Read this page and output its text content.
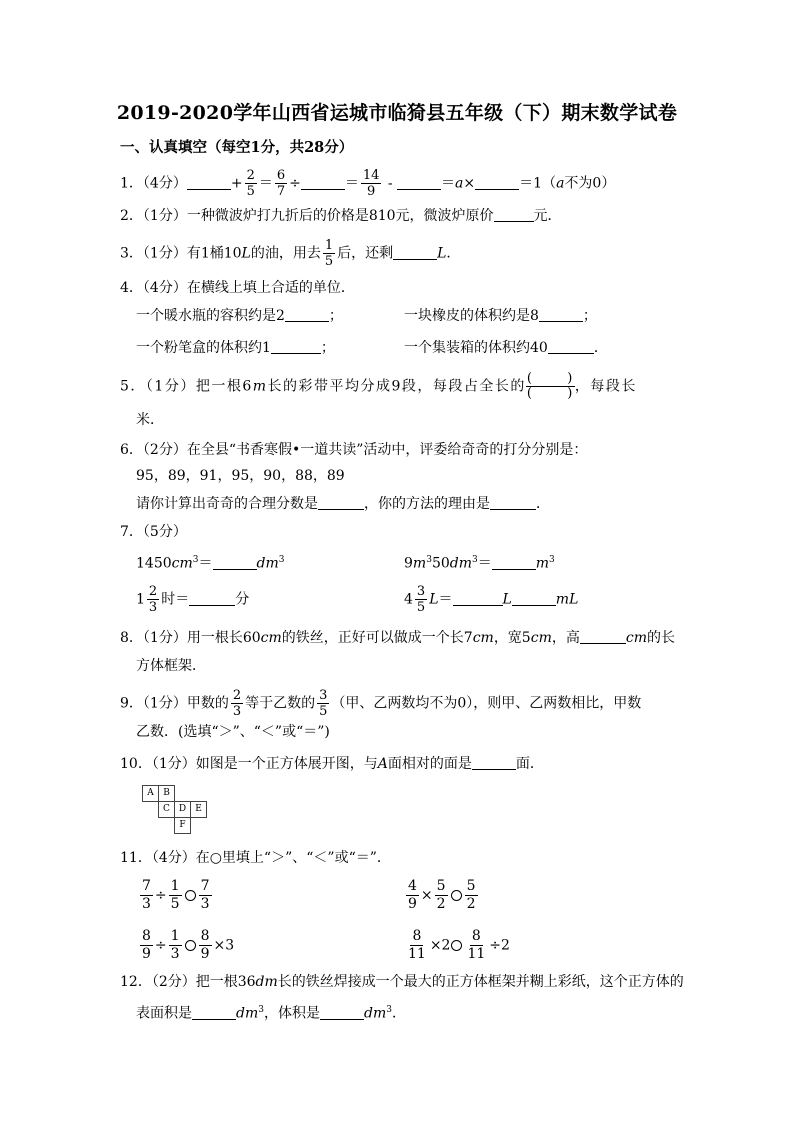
2019-2020学年山西省运城市临猗县五年级（下）期末数学试卷
一、认真填空（每空1分，共28分）
1．（4分）	+ $\frac{2}{5} = \frac{6}{7}$ ÷	＝ $\frac{14}{9}$ -	＝a×	＝1（a不为0）
2．（1分）一种微波炉打九折后的价格是810元，微波炉原价	元．
3．（1分）有1桶10L的油，用去 $\frac{1}{5}$ 后，还剩	L．
4．（4分）在横线上填上合适的单位．
一个暖水瓶的容积约是2	；	一块橡皮的体积约是8	；
一个粉笔盒的体积约1	；	一个集装箱的体积约40	．
5．（1分）把一根6m长的彩带平均分成9段，每段占全长的 $\frac{( )}{( )}$ ，每段长
米．
6．（2分）在全县“书香寒假•一道共读”活动中，评委给奇奇的打分分别是：
95，89，91，95，90，88，89
请你计算出奇奇的合理分数是	，你的方法的理由是	．
7．（5分）
$1450cm^3=$	$dm^3$	$9m^350dm^3=$	$m^3$
$1 \frac{2}{3}$ 时＝	分	$4 \frac{3}{5} L=$	L	mL
8．（1分）用一根长60cm的铁丝，正好可以做成一个长7cm，宽5cm，高	cm的长
方体框架．
9．（1分）甲数的 $\frac{2}{3}$ 等于乙数的 $\frac{3}{5}$ （甲、乙两数均不为0），则甲、乙两数相比，甲数
乙数．(选填“＞”、“＜”或“＝”)
10．（1分）如图是一个正方体展开图，与A面相对的面是	面．
A	B
C D	E
F
11．（4分）在○里填上“＞”、“＜”或“＝”．
$\frac{7}{3} \div \frac{1}{5} \frac{7}{3}$	$\frac{4}{9} \times \frac{5}{2} \frac{5}{2}$
$\frac{8}{9} \div \frac{1}{3} \frac{8}{9} \times 3$	$\frac{8}{11} \times 2 \frac{8}{11} \div 2$
12．（2分）把一根36dm长的铁丝焊接成一个最大的正方体框架并糊上彩纸，这个正方体的
表面积是	$dm^3$，体积是	$dm^3$．
